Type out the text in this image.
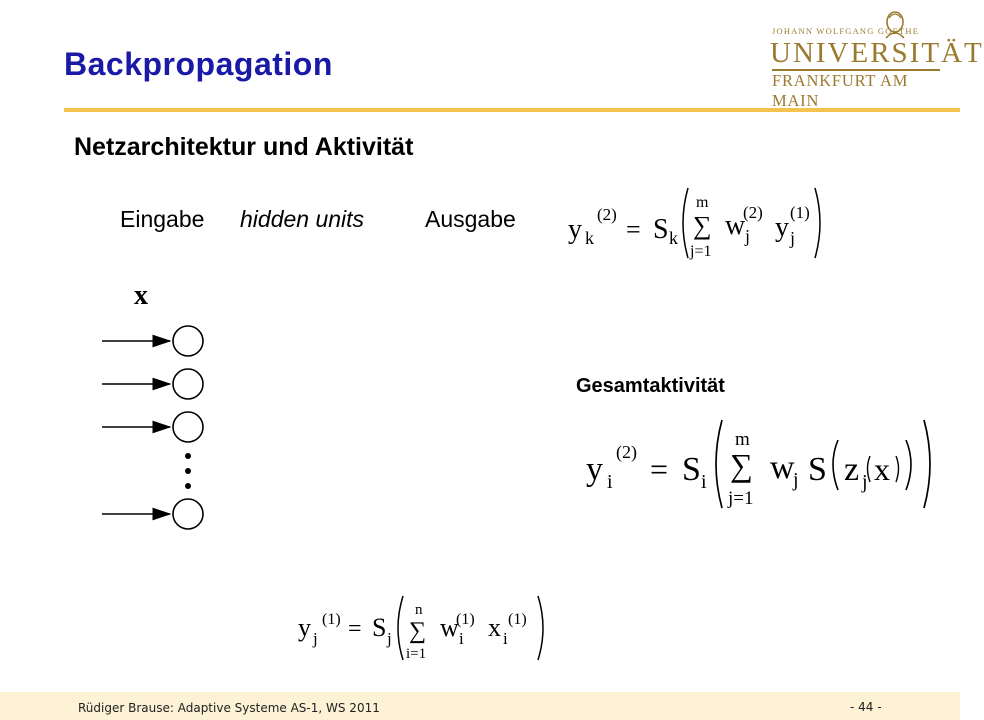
Backpropagation
JOHANN WOLFGANG GOETHE
UNIVERSITÄT
FRANKFURT AM MAIN
Netzarchitektur und Aktivität
Eingabe hidden units	Ausgabe y k
(2)
= S k
m
∑
j=1
w j
(2) y j
(1)
x
Gesamtaktivität
y i
(2) = S i
m
∑
j=1
w
j S z j x
y j
(1) = S j
n
∑
i=1
w i
(1) x i
(1)
Rüdiger Brause: Adaptive Systeme AS-1, WS 2011	- 44 -
